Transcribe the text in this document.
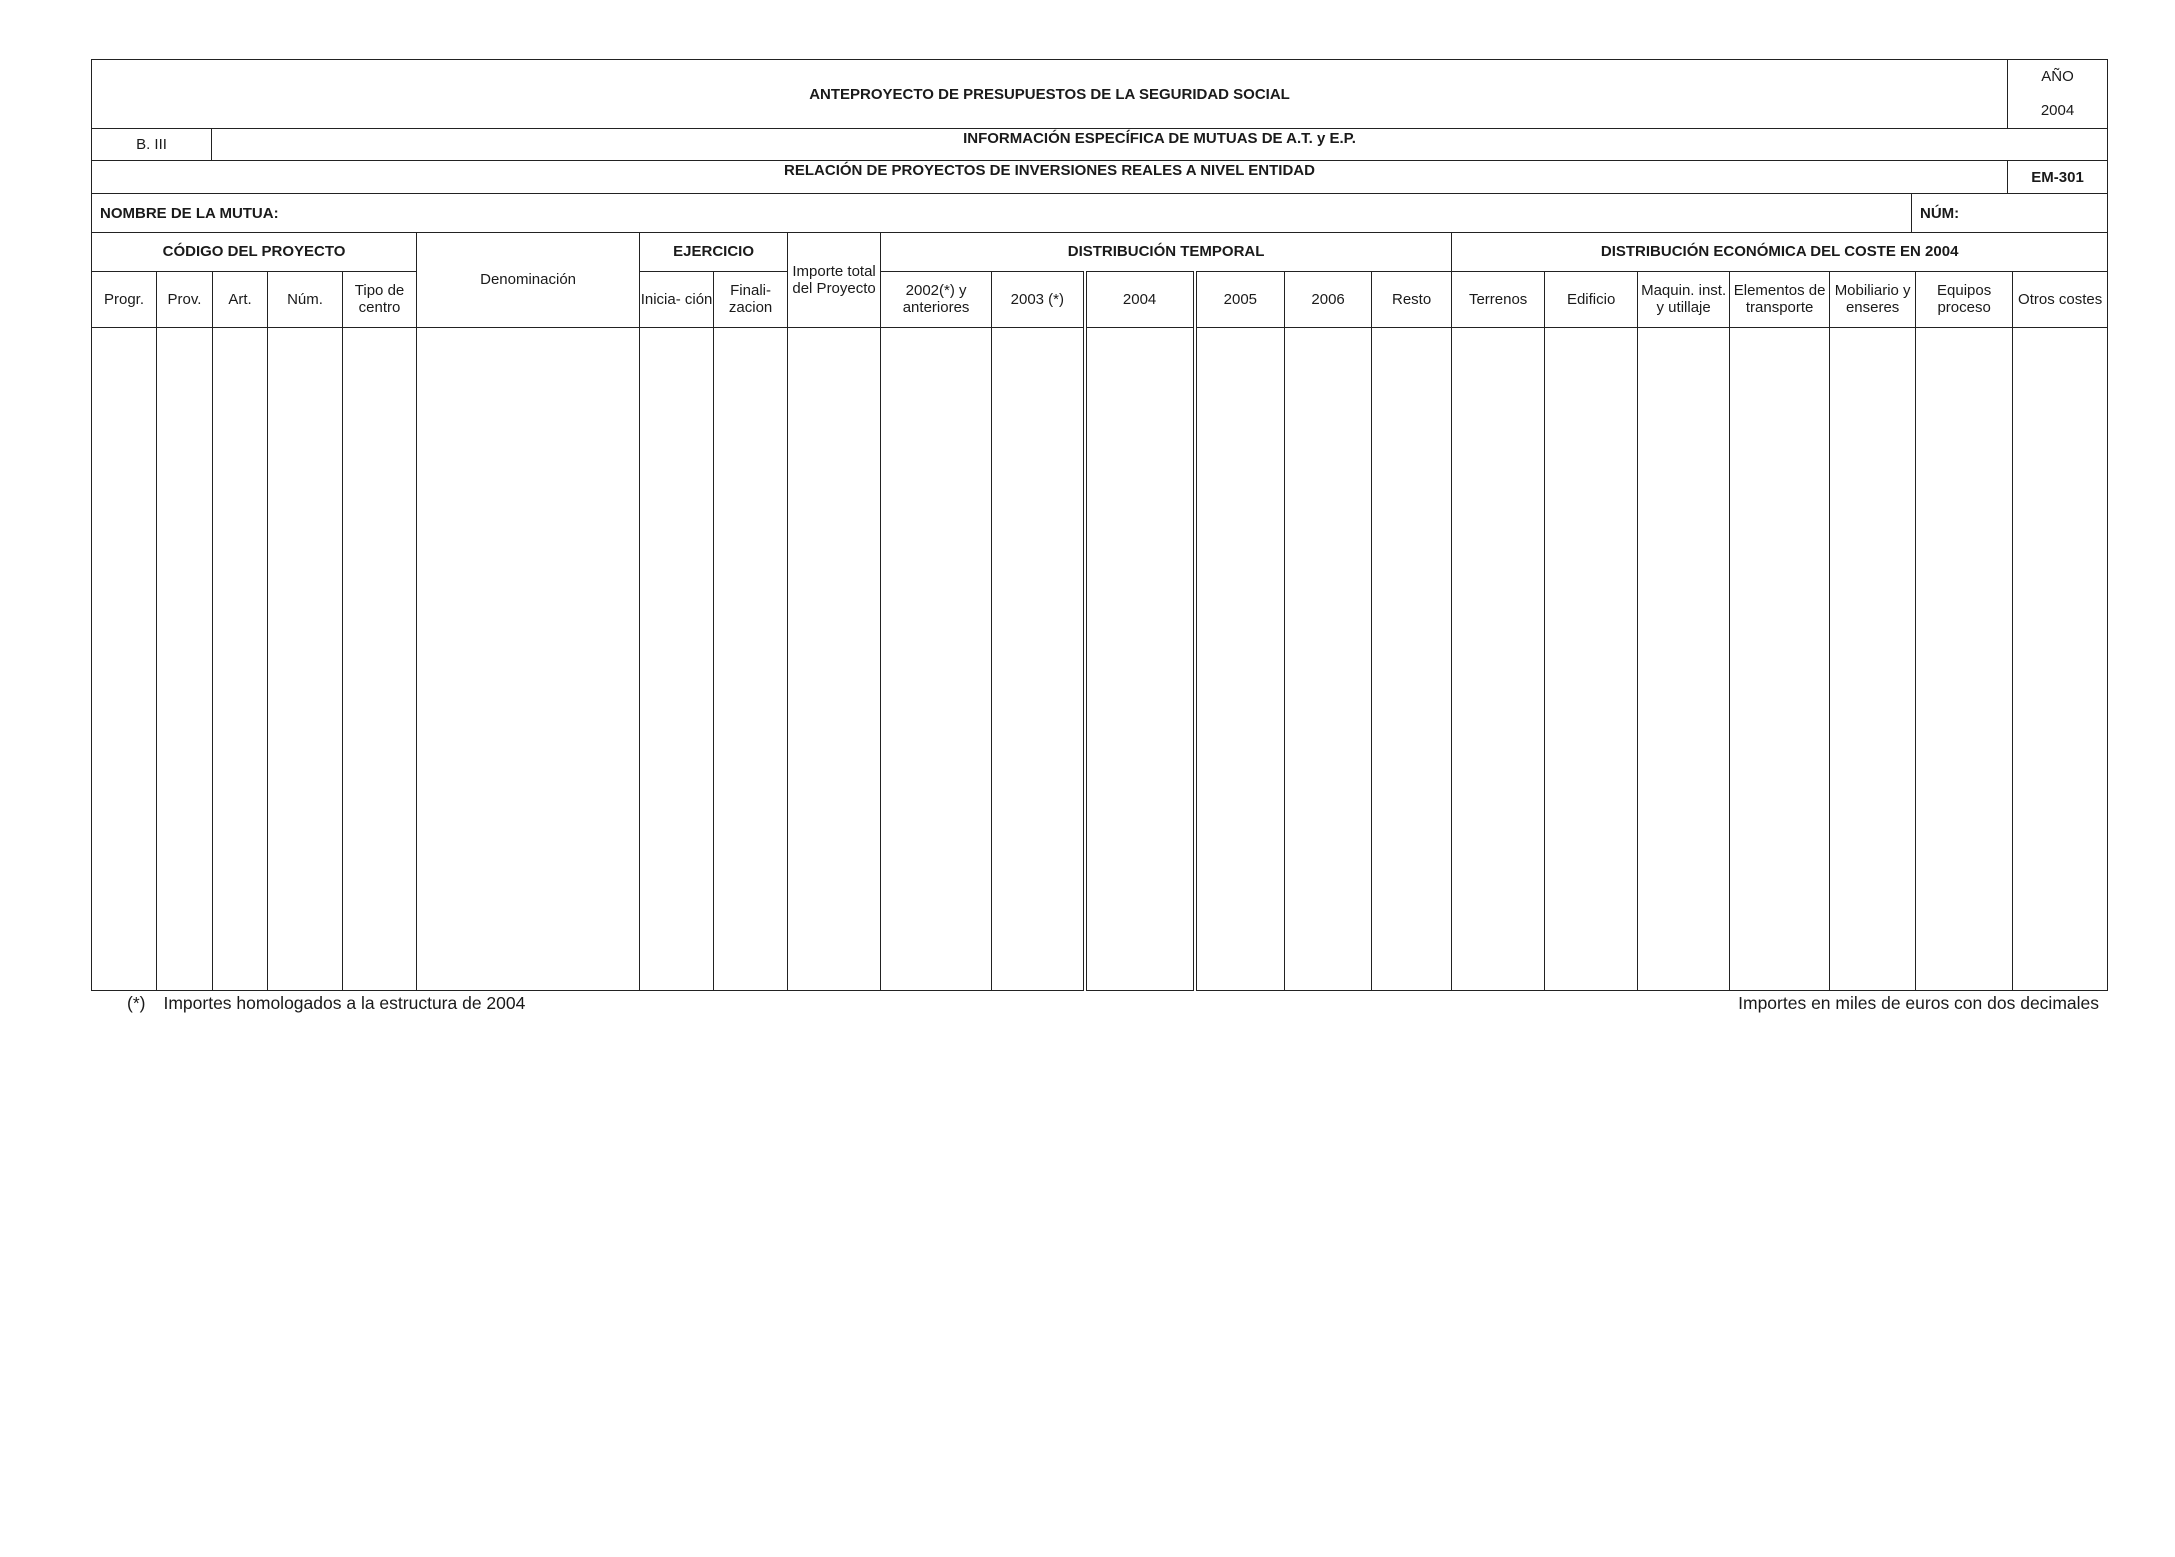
ANTEPROYECTO DE PRESUPUESTOS DE LA SEGURIDAD SOCIAL			AÑO
2004

B. III	INFORMACIÓN ESPECÍFICA DE MUTUAS DE A.T. y E.P.		
RELACIÓN DE PROYECTOS DE INVERSIONES REALES A NIVEL ENTIDAD			EM-301
NOMBRE DE LA MUTUA:		NÚM:	
CÓDIGO DEL PROYECTO					Denominación	EJERCICIO		Importe total del Proyecto	DISTRIBUCIÓN TEMPORAL						DISTRIBUCIÓN ECONÓMICA DEL COSTE EN 2004						
Progr.	Prov.	Art.	Núm.	Tipo de centro		Inicia- ción	Finali- zacion		2002(*) y anteriores	2003 (*)	2004	2005	2006	Resto	Terrenos	Edificio	Maquin. inst. y utillaje	Elementos de transporte	Mobiliario y enseres	Equipos proceso	Otros costes

(*) Importes homologados a la estructura de 2004	Importes en miles de euros con dos decimales
